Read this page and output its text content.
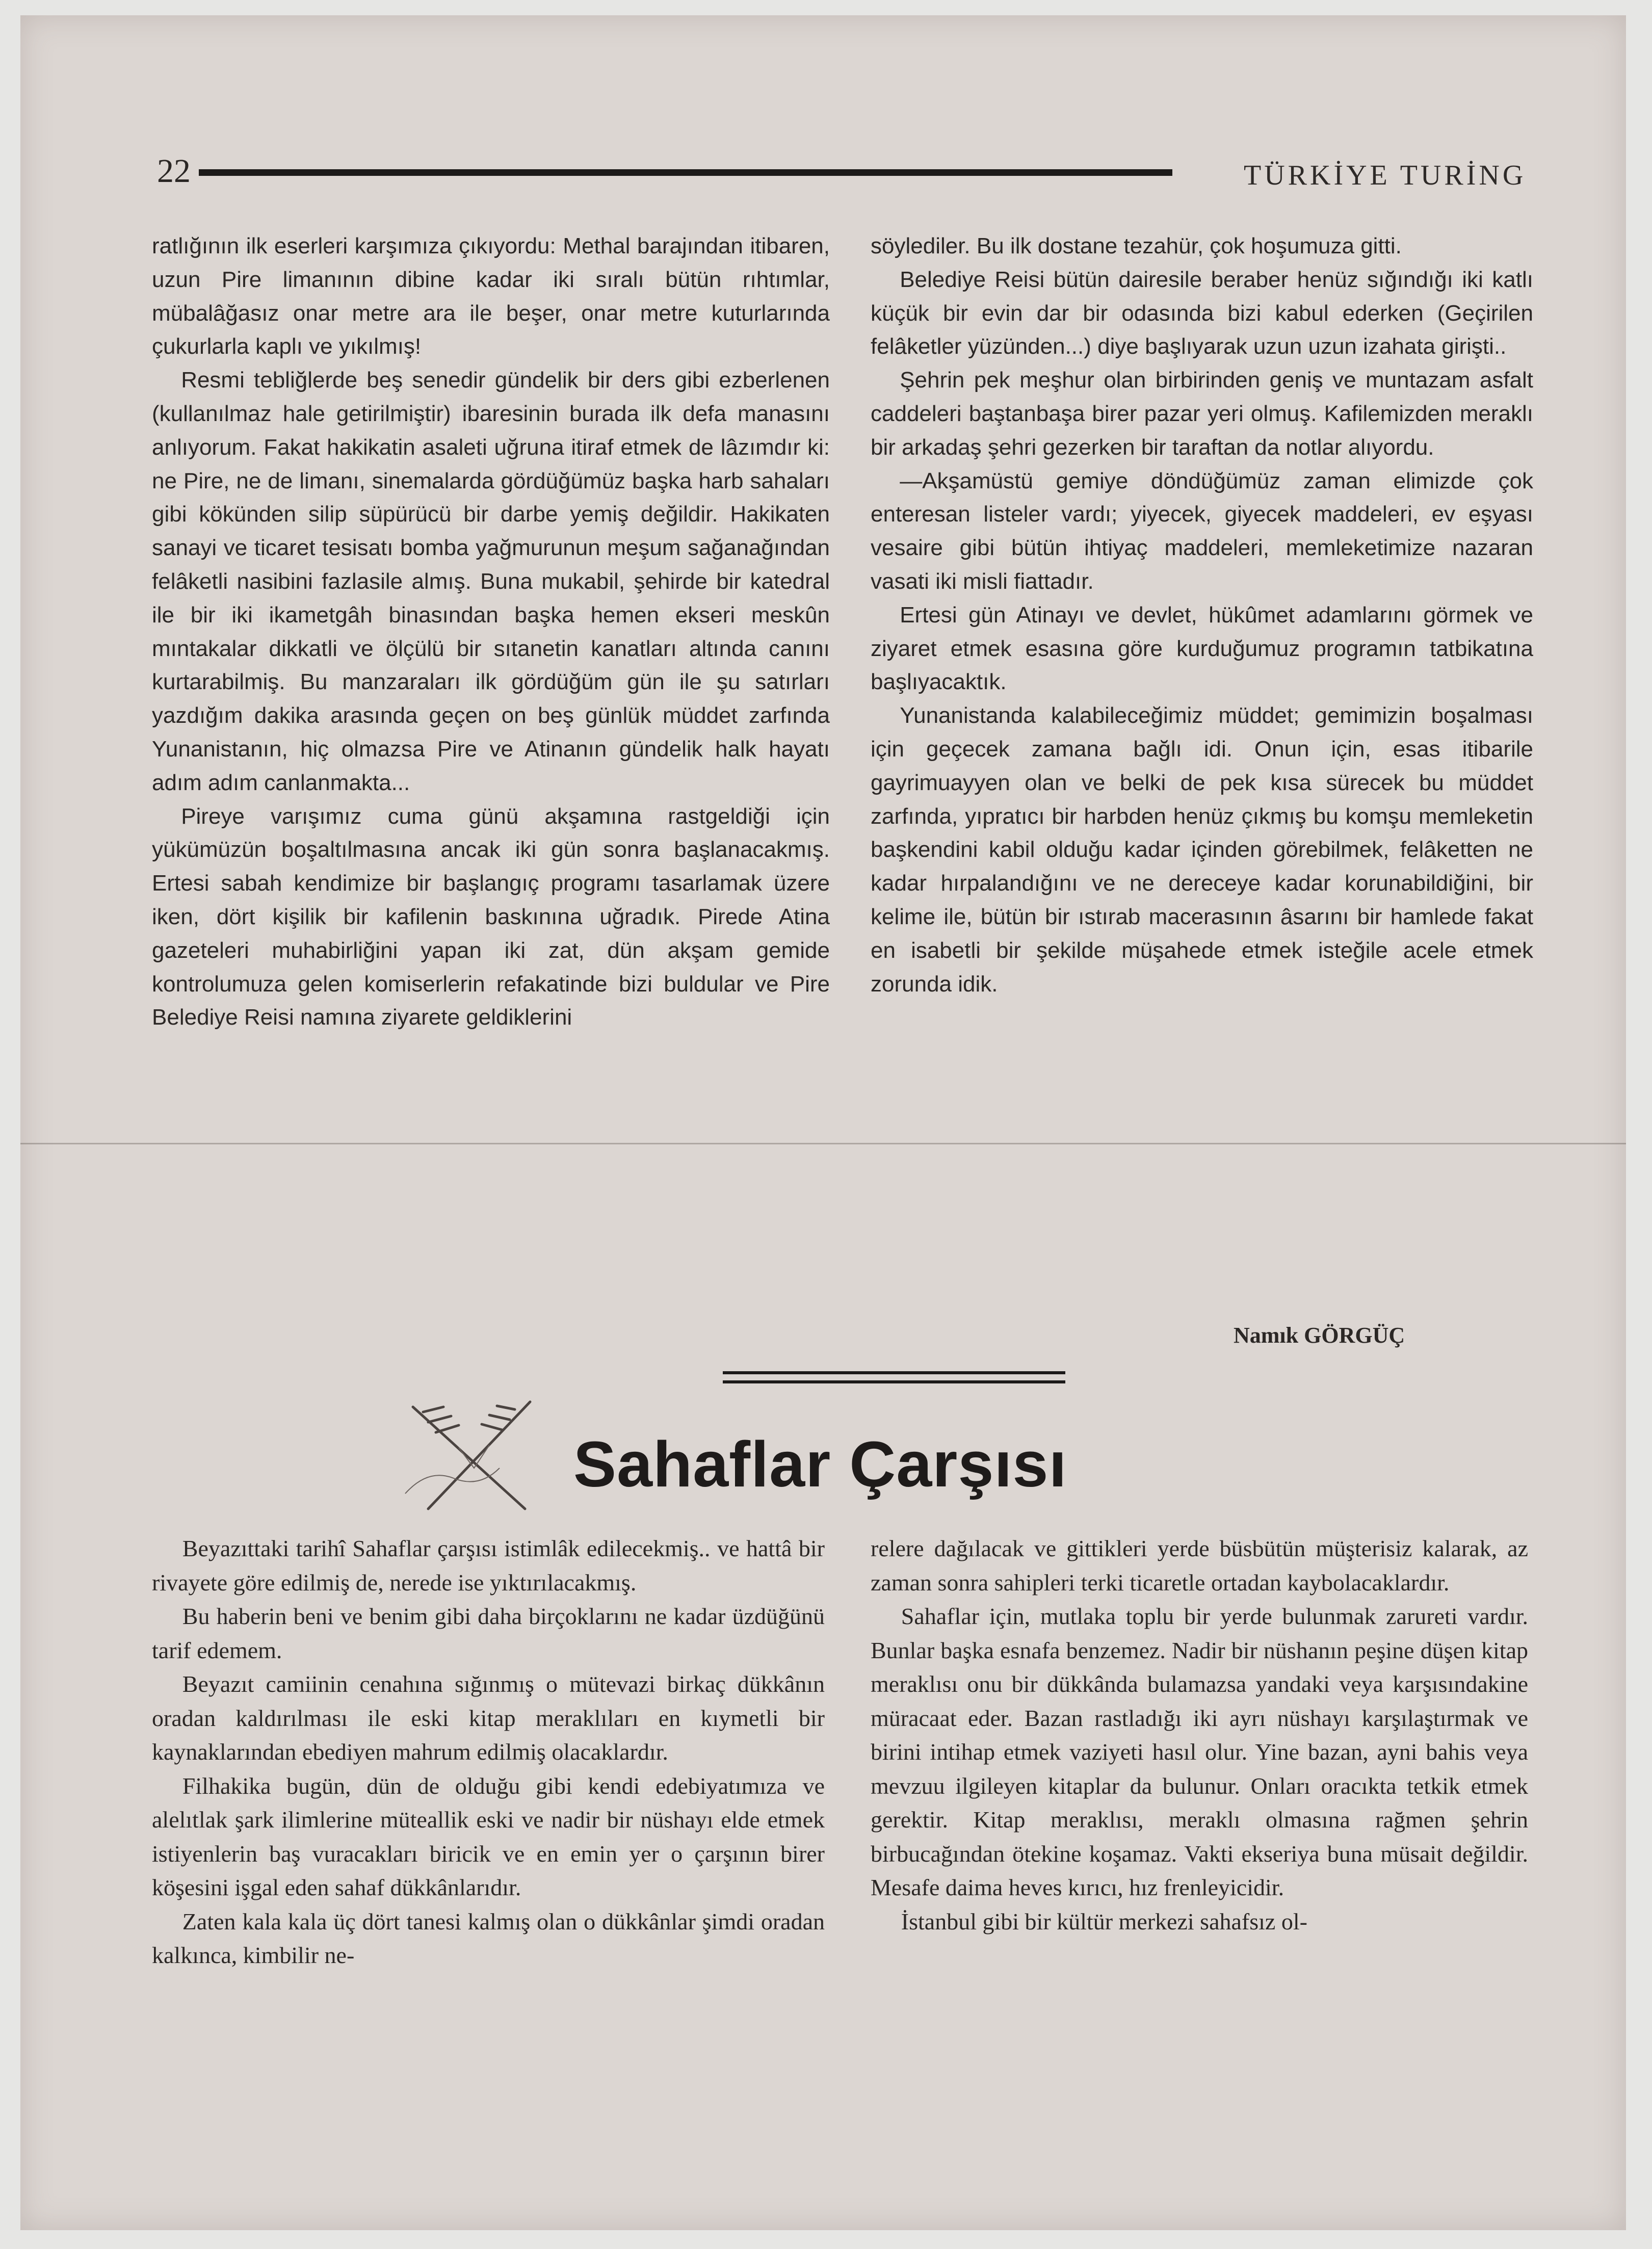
22	TÜRKİYE TURİNG

ratlığının ilk eserleri karşımıza çıkıyordu: Methal barajından itibaren, uzun Pire limanının dibine kadar iki sıralı bütün rıhtımlar, mübalâğasız onar metre ara ile beşer, onar metre kuturlarında çukurlarla kaplı ve yıkılmış!

Resmi tebliğlerde beş senedir gündelik bir ders gibi ezberlenen (kullanılmaz hale getirilmiştir) ibaresinin burada ilk defa manasını anlıyorum. Fakat hakikatin asaleti uğruna itiraf etmek de lâzımdır ki: ne Pire, ne de limanı, sinemalarda gördüğümüz başka harb sahaları gibi kökünden silip süpürücü bir darbe yemiş değildir. Hakikaten sanayi ve ticaret tesisatı bomba yağmurunun meşum sağanağından felâketli nasibini fazlasile almış. Buna mukabil, şehirde bir katedral ile bir iki ikametgâh binasından başka hemen ekseri meskûn mıntakalar dikkatli ve ölçülü bir sıtanetin kanatları altında canını kurtarabilmiş. Bu manzaraları ilk gördüğüm gün ile şu satırları yazdığım dakika arasında geçen on beş günlük müddet zarfında Yunanistanın, hiç olmazsa Pire ve Atinanın gündelik halk hayatı adım adım canlanmakta...

Pireye varışımız cuma günü akşamına rastgeldiği için yükümüzün boşaltılmasına ancak iki gün sonra başlanacakmış. Ertesi sabah kendimize bir başlangıç programı tasarlamak üzere iken, dört kişilik bir kafilenin baskınına uğradık. Pirede Atina gazeteleri muhabirliğini yapan iki zat, dün akşam gemide kontrolumuza gelen komiserlerin refakatinde bizi buldular ve Pire Belediye Reisi namına ziyarete geldiklerini

söylediler. Bu ilk dostane tezahür, çok hoşumuza gitti.

Belediye Reisi bütün dairesile beraber henüz sığındığı iki katlı küçük bir evin dar bir odasında bizi kabul ederken (Geçirilen felâketler yüzünden...) diye başlıyarak uzun uzun izahata girişti..

Şehrin pek meşhur olan birbirinden geniş ve muntazam asfalt caddeleri baştanbaşa birer pazar yeri olmuş. Kafilemizden meraklı bir arkadaş şehri gezerken bir taraftan da notlar alıyordu.

—Akşamüstü gemiye döndüğümüz zaman elimizde çok enteresan listeler vardı; yiyecek, giyecek maddeleri, ev eşyası vesaire gibi bütün ihtiyaç maddeleri, memleketimize nazaran vasati iki misli fiattadır.

Ertesi gün Atinayı ve devlet, hükûmet adamlarını görmek ve ziyaret etmek esasına göre kurduğumuz programın tatbikatına başlıyacaktık.

Yunanistanda kalabileceğimiz müddet; gemimizin boşalması için geçecek zamana bağlı idi. Onun için, esas itibarile gayrimuayyen olan ve belki de pek kısa sürecek bu müddet zarfında, yıpratıcı bir harbden henüz çıkmış bu komşu memleketin başkendini kabil olduğu kadar içinden görebilmek, felâketten ne kadar hırpalandığını ve ne dereceye kadar korunabildiğini, bir kelime ile, bütün bir ıstırab macerasının âsarını bir hamlede fakat en isabetli bir şekilde müşahede etmek isteğile acele etmek zorunda idik.

Namık GÖRGÜÇ
Sahaflar Çarşısı

Beyazıttaki tarihî Sahaflar çarşısı istimlâk edilecekmiş.. ve hattâ bir rivayete göre edilmiş de, nerede ise yıktırılacakmış.

Bu haberin beni ve benim gibi daha birçoklarını ne kadar üzdüğünü tarif edemem.

Beyazıt camiinin cenahına sığınmış o mütevazi birkaç dükkânın oradan kaldırılması ile eski kitap meraklıları en kıymetli bir kaynaklarından ebediyen mahrum edilmiş olacaklardır.

Filhakika bugün, dün de olduğu gibi kendi edebiyatımıza ve alelıtlak şark ilimlerine müteallik eski ve nadir bir nüshayı elde etmek istiyenlerin baş vuracakları biricik ve en emin yer o çarşının birer köşesini işgal eden sahaf dükkânlarıdır.

Zaten kala kala üç dört tanesi kalmış olan o dükkânlar şimdi oradan kalkınca, kimbilir ne-

relere dağılacak ve gittikleri yerde büsbütün müşterisiz kalarak, az zaman sonra sahipleri terki ticaretle ortadan kaybolacaklardır.

Sahaflar için, mutlaka toplu bir yerde bulunmak zarureti vardır. Bunlar başka esnafa benzemez. Nadir bir nüshanın peşine düşen kitap meraklısı onu bir dükkânda bulamazsa yandaki veya karşısındakine müracaat eder. Bazan rastladığı iki ayrı nüshayı karşılaştırmak ve birini intihap etmek vaziyeti hasıl olur. Yine bazan, ayni bahis veya mevzuu ilgileyen kitaplar da bulunur. Onları oracıkta tetkik etmek gerektir. Kitap meraklısı, meraklı olmasına rağmen şehrin birbucağından ötekine koşamaz. Vakti ekseriya buna müsait değildir. Mesafe daima heves kırıcı, hız frenleyicidir.

İstanbul gibi bir kültür merkezi sahafsız ol-
